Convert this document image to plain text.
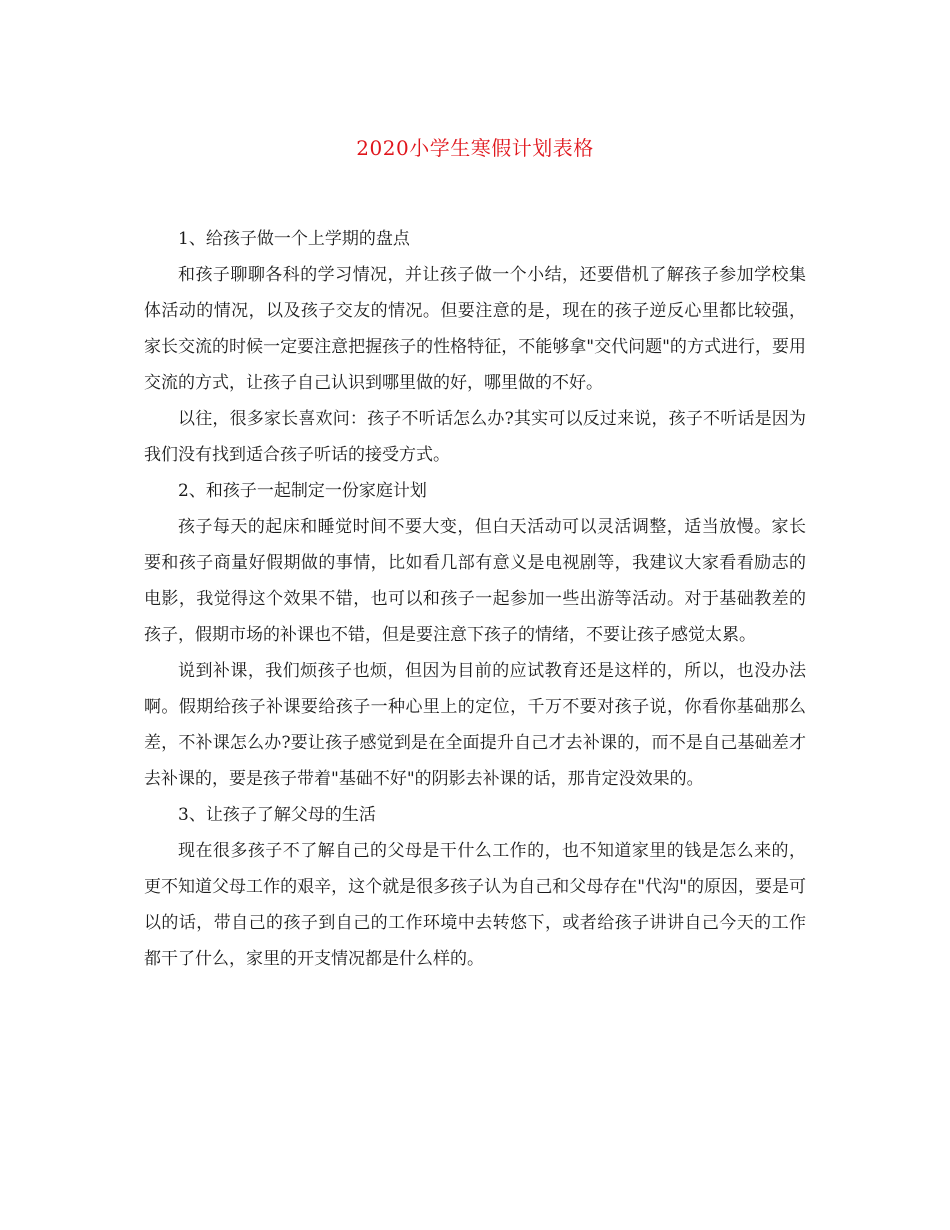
2020小学生寒假计划表格

1、给孩子做一个上学期的盘点

和孩子聊聊各科的学习情况，并让孩子做一个小结，还要借机了解孩子参加学校集体活动的情况，以及孩子交友的情况。但要注意的是，现在的孩子逆反心里都比较强，家长交流的时候一定要注意把握孩子的性格特征，不能够拿"交代问题"的方式进行，要用交流的方式，让孩子自己认识到哪里做的好，哪里做的不好。

以往，很多家长喜欢问：孩子不听话怎么办?其实可以反过来说，孩子不听话是因为我们没有找到适合孩子听话的接受方式。

2、和孩子一起制定一份家庭计划

孩子每天的起床和睡觉时间不要大变，但白天活动可以灵活调整，适当放慢。家长要和孩子商量好假期做的事情，比如看几部有意义是电视剧等，我建议大家看看励志的电影，我觉得这个效果不错，也可以和孩子一起参加一些出游等活动。对于基础教差的孩子，假期市场的补课也不错，但是要注意下孩子的情绪，不要让孩子感觉太累。

说到补课，我们烦孩子也烦，但因为目前的应试教育还是这样的，所以，也没办法啊。假期给孩子补课要给孩子一种心里上的定位，千万不要对孩子说，你看你基础那么差，不补课怎么办?要让孩子感觉到是在全面提升自己才去补课的，而不是自己基础差才去补课的，要是孩子带着"基础不好"的阴影去补课的话，那肯定没效果的。

3、让孩子了解父母的生活

现在很多孩子不了解自己的父母是干什么工作的，也不知道家里的钱是怎么来的，更不知道父母工作的艰辛，这个就是很多孩子认为自己和父母存在"代沟"的原因，要是可以的话，带自己的孩子到自己的工作环境中去转悠下，或者给孩子讲讲自己今天的工作都干了什么，家里的开支情况都是什么样的。
